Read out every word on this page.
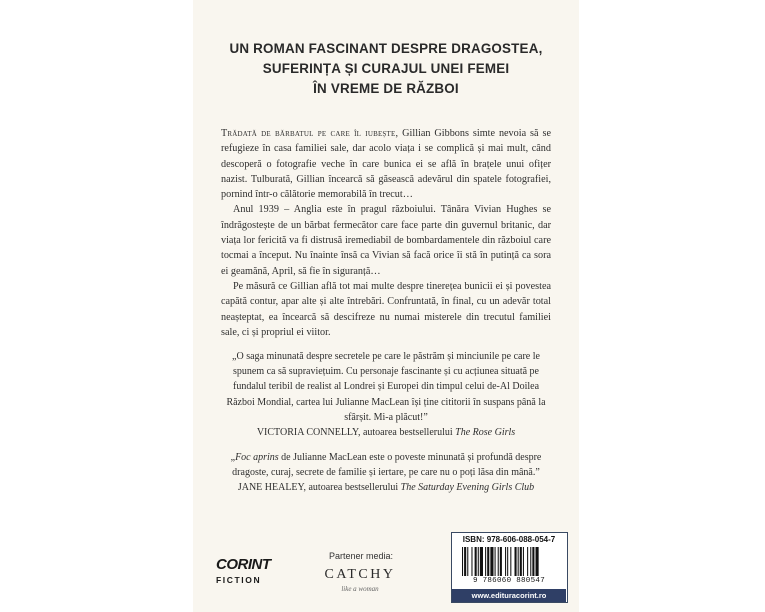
UN ROMAN FASCINANT DESPRE DRAGOSTEA,
SUFERINȚA ȘI CURAJUL UNEI FEMEI
ÎN VREME DE RĂZBOI

Trădată de bărbatul pe care îl iubește, Gillian Gibbons simte nevoia să se refugieze în casa familiei sale, dar acolo viața i se complică și mai mult, când descoperă o fotografie veche în care bunica ei se află în brațele unui ofițer nazist. Tulburată, Gillian încearcă să găsească adevărul din spatele fotografiei, pornind într-o călătorie memorabilă în trecut…

Anul 1939 – Anglia este în pragul războiului. Tânăra Vivian Hughes se îndrăgostește de un bărbat fermecător care face parte din guvernul britanic, dar viața lor fericită va fi distrusă iremediabil de bombardamentele din războiul care tocmai a început. Nu înainte însă ca Vivian să facă orice îi stă în putință ca sora ei geamănă, April, să fie în siguranță…

Pe măsură ce Gillian află tot mai multe despre tinerețea bunicii ei și povestea capătă contur, apar alte și alte întrebări. Confruntată, în final, cu un adevăr total neașteptat, ea încearcă să descifreze nu numai misterele din trecutul familiei sale, ci și propriul ei viitor.

„O saga minunată despre secretele pe care le păstrăm și minciunile pe care le spunem ca să supraviețuim. Cu personaje fascinante și cu acțiunea situată pe fundalul teribil de realist al Londrei și Europei din timpul celui de-Al Doilea Război Mondial, cartea lui Julianne MacLean își ține cititorii în suspans până la sfârșit. Mi-a plăcut!”
VICTORIA CONNELLY, autoarea bestsellerului The Rose Girls
„Foc aprins de Julianne MacLean este o poveste minunată și profundă despre dragoste, curaj, secrete de familie și iertare, pe care nu o poți lăsa din mână.”
JANE HEALEY, autoarea bestsellerului The Saturday Evening Girls Club
CORINT
FICTION
Partener media:
CATCHY
like a woman
ISBN: 978-606-088-054-7
9 786060 880547
www.edituracorint.ro
